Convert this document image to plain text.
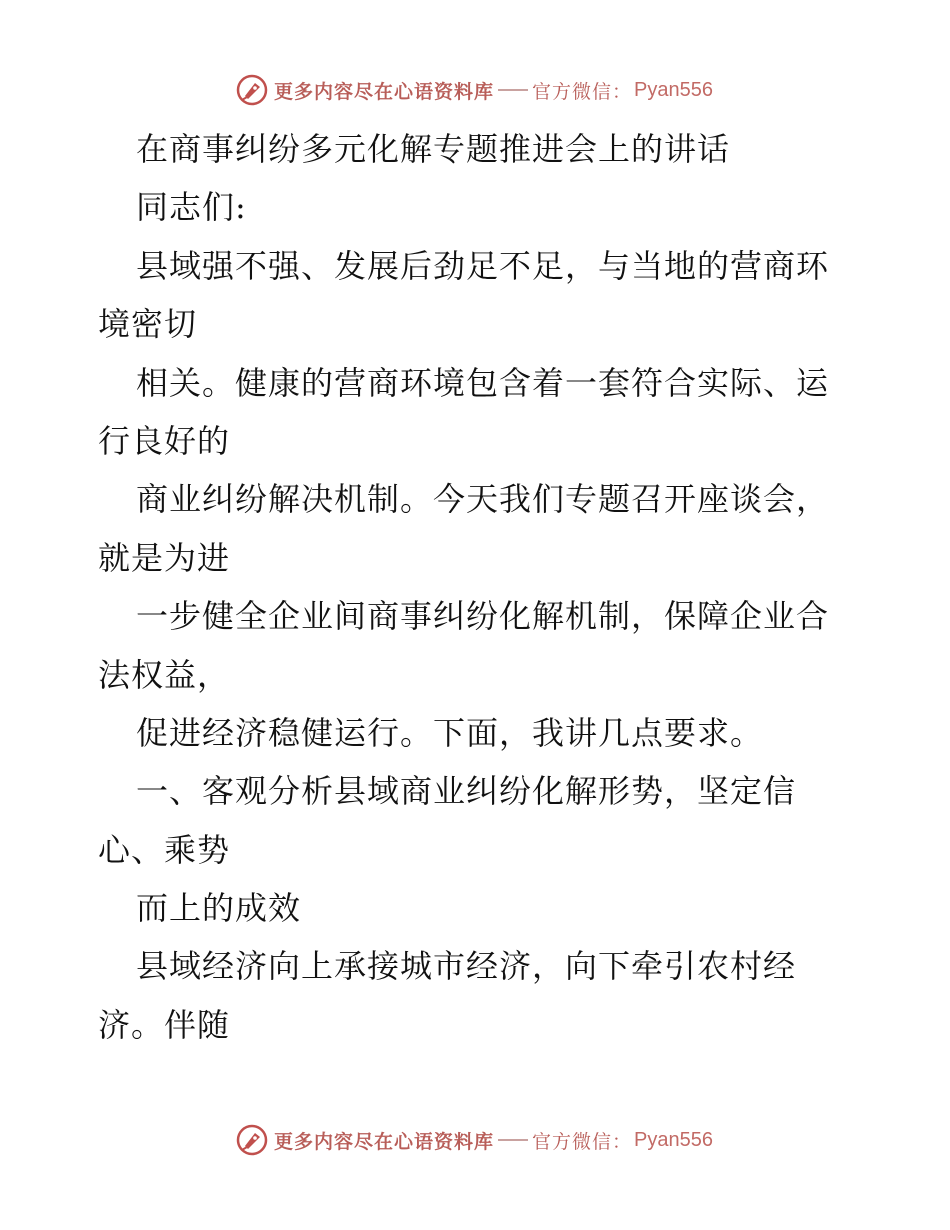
更多内容尽在心语资料库 官方微信： Pyan556
在商事纠纷多元化解专题推进会上的讲话
同志们:
县域强不强、发展后劲足不足，与当地的营商环
境密切
相关。健康的营商环境包含着一套符合实际、运
行良好的
商业纠纷解决机制。今天我们专题召开座谈会，
就是为进
一步健全企业间商事纠纷化解机制，保障企业合
法权益，
促进经济稳健运行。下面，我讲几点要求。
一、客观分析县域商业纠纷化解形势，坚定信
心、乘势
而上的成效
县域经济向上承接城市经济，向下牵引农村经
济。伴随
更多内容尽在心语资料库 官方微信： Pyan556
